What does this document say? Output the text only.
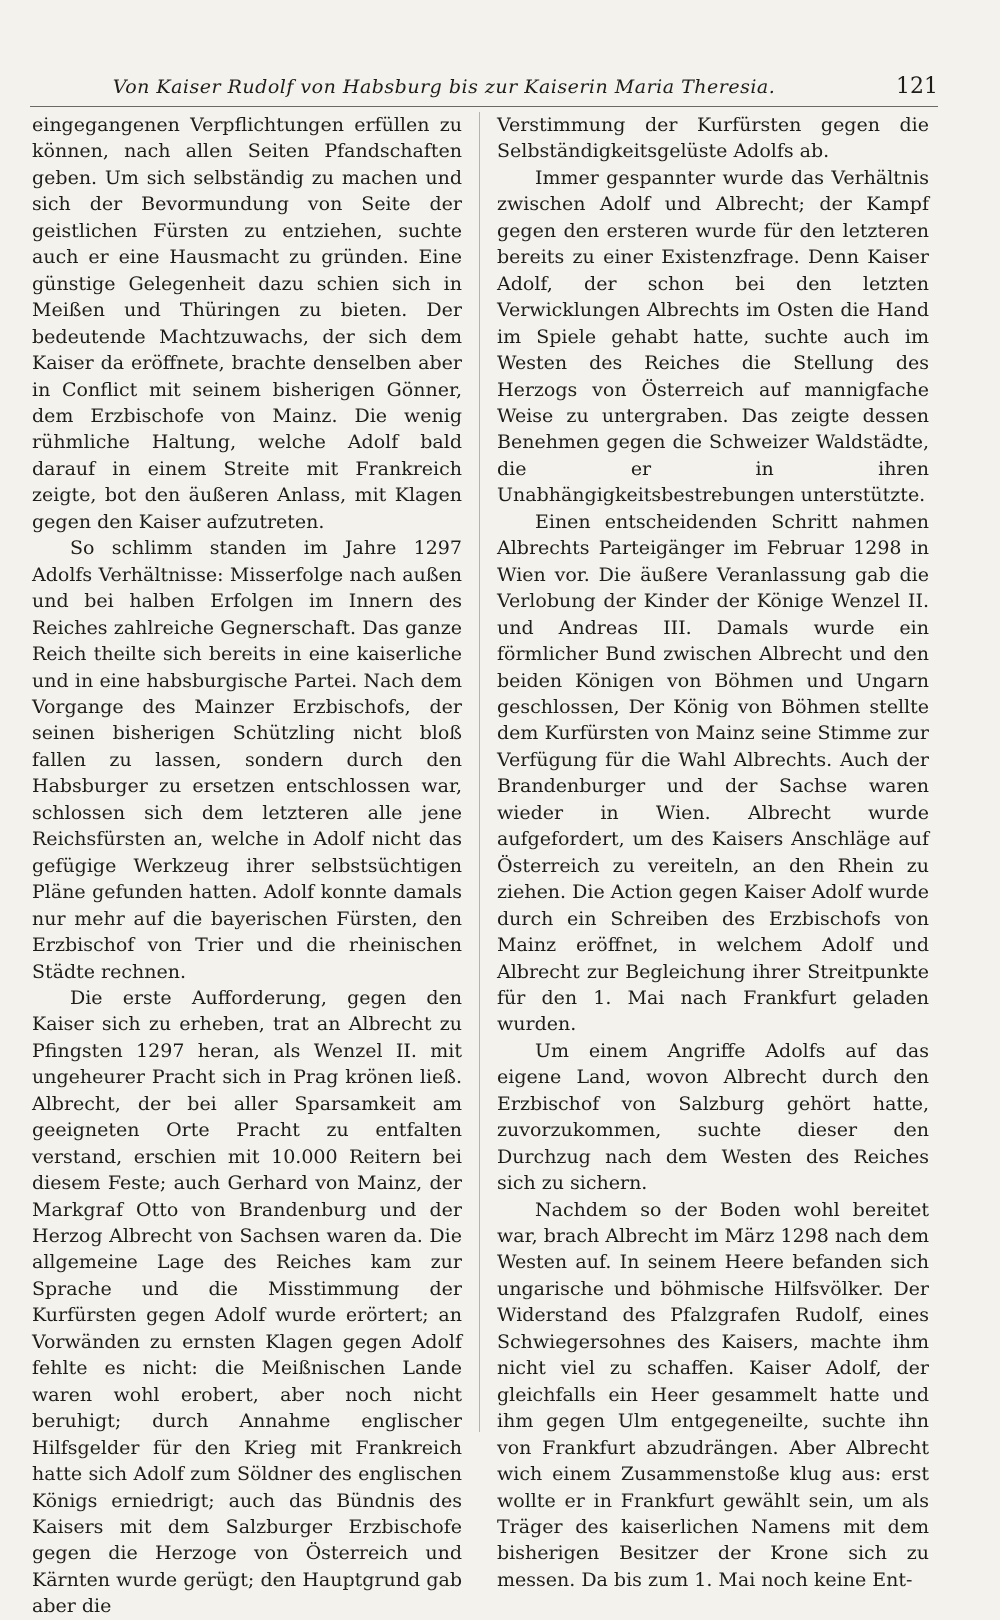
Von Kaiser Rudolf von Habsburg bis zur Kaiserin Maria Theresia.	121

eingegangenen Verpflichtungen erfüllen zu können, nach allen Seiten Pfandschaften geben. Um sich selbständig zu machen und sich der Bevormundung von Seite der geistlichen Fürsten zu entziehen, suchte auch er eine Hausmacht zu gründen. Eine günstige Gelegenheit dazu schien sich in Meißen und Thüringen zu bieten. Der bedeutende Machtzuwachs, der sich dem Kaiser da eröffnete, brachte denselben aber in Conflict mit seinem bisherigen Gönner, dem Erzbischofe von Mainz. Die wenig rühmliche Haltung, welche Adolf bald darauf in einem Streite mit Frankreich zeigte, bot den äußeren Anlass, mit Klagen gegen den Kaiser aufzutreten.

So schlimm standen im Jahre 1297 Adolfs Verhältnisse: Misserfolge nach außen und bei halben Erfolgen im Innern des Reiches zahlreiche Gegnerschaft. Das ganze Reich theilte sich bereits in eine kaiserliche und in eine habsburgische Partei. Nach dem Vorgange des Mainzer Erzbischofs, der seinen bisherigen Schützling nicht bloß fallen zu lassen, sondern durch den Habsburger zu ersetzen entschlossen war, schlossen sich dem letzteren alle jene Reichsfürsten an, welche in Adolf nicht das gefügige Werkzeug ihrer selbstsüchtigen Pläne gefunden hatten. Adolf konnte damals nur mehr auf die bayerischen Fürsten, den Erzbischof von Trier und die rheinischen Städte rechnen.

Die erste Aufforderung, gegen den Kaiser sich zu erheben, trat an Albrecht zu Pfingsten 1297 heran, als Wenzel II. mit ungeheurer Pracht sich in Prag krönen ließ. Albrecht, der bei aller Sparsamkeit am geeigneten Orte Pracht zu entfalten verstand, erschien mit 10.000 Reitern bei diesem Feste; auch Gerhard von Mainz, der Markgraf Otto von Brandenburg und der Herzog Albrecht von Sachsen waren da. Die allgemeine Lage des Reiches kam zur Sprache und die Misstimmung der Kurfürsten gegen Adolf wurde erörtert; an Vorwänden zu ernsten Klagen gegen Adolf fehlte es nicht: die Meißnischen Lande waren wohl erobert, aber noch nicht beruhigt; durch Annahme englischer Hilfsgelder für den Krieg mit Frankreich hatte sich Adolf zum Söldner des englischen Königs erniedrigt; auch das Bündnis des Kaisers mit dem Salzburger Erzbischofe gegen die Herzoge von Österreich und Kärnten wurde gerügt; den Hauptgrund gab aber die

Verstimmung der Kurfürsten gegen die Selbständigkeitsgelüste Adolfs ab.

Immer gespannter wurde das Verhältnis zwischen Adolf und Albrecht; der Kampf gegen den ersteren wurde für den letzteren bereits zu einer Existenzfrage. Denn Kaiser Adolf, der schon bei den letzten Verwicklungen Albrechts im Osten die Hand im Spiele gehabt hatte, suchte auch im Westen des Reiches die Stellung des Herzogs von Österreich auf mannigfache Weise zu untergraben. Das zeigte dessen Benehmen gegen die Schweizer Waldstädte, die er in ihren Unabhängigkeitsbestrebungen unterstützte.

Einen entscheidenden Schritt nahmen Albrechts Parteigänger im Februar 1298 in Wien vor. Die äußere Veranlassung gab die Verlobung der Kinder der Könige Wenzel II. und Andreas III. Damals wurde ein förmlicher Bund zwischen Albrecht und den beiden Königen von Böhmen und Ungarn geschlossen, Der König von Böhmen stellte dem Kurfürsten von Mainz seine Stimme zur Verfügung für die Wahl Albrechts. Auch der Brandenburger und der Sachse waren wieder in Wien. Albrecht wurde aufgefordert, um des Kaisers Anschläge auf Österreich zu vereiteln, an den Rhein zu ziehen. Die Action gegen Kaiser Adolf wurde durch ein Schreiben des Erzbischofs von Mainz eröffnet, in welchem Adolf und Albrecht zur Begleichung ihrer Streitpunkte für den 1. Mai nach Frankfurt geladen wurden.

Um einem Angriffe Adolfs auf das eigene Land, wovon Albrecht durch den Erzbischof von Salzburg gehört hatte, zuvorzukommen, suchte dieser den Durchzug nach dem Westen des Reiches sich zu sichern.

Nachdem so der Boden wohl bereitet war, brach Albrecht im März 1298 nach dem Westen auf. In seinem Heere befanden sich ungarische und böhmische Hilfsvölker. Der Widerstand des Pfalzgrafen Rudolf, eines Schwiegersohnes des Kaisers, machte ihm nicht viel zu schaffen. Kaiser Adolf, der gleichfalls ein Heer gesammelt hatte und ihm gegen Ulm entgegeneilte, suchte ihn von Frankfurt abzudrängen. Aber Albrecht wich einem Zusammenstoße klug aus: erst wollte er in Frankfurt gewählt sein, um als Träger des kaiserlichen Namens mit dem bisherigen Besitzer der Krone sich zu messen. Da bis zum 1. Mai noch keine Ent-
